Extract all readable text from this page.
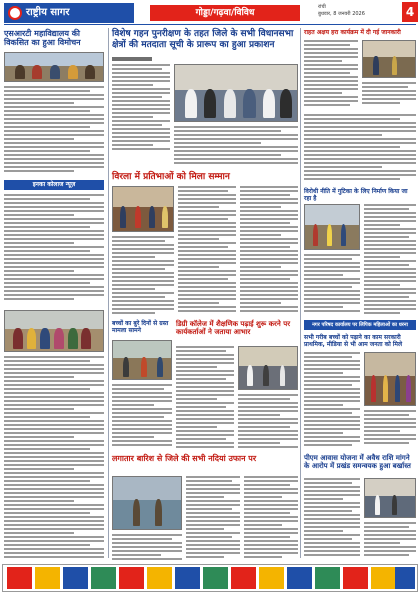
राष्ट्रीय सागर	गोड्डा/गढ़वा/विविध
रांची
बुधवार, 8 जनवरी 2026	4
एसआरटी महाविद्यालय की विकसित का हुआ विमोचन
इनका कोलाज न्यूज़
विशेष गहन पुनरीक्षण के तहत जिले के सभी विधानसभा क्षेत्रों की मतदाता सूची के प्रारूप का हुआ प्रकाशन
विरला में प्रतिभाओं को मिला सम्मान
बच्चों का बुरे दिनों से ग्रस्त मामला सामने
डिग्री कॉलेज में शैक्षणिक पढ़ाई शुरू करने पर कार्यकर्ताओं ने जताया आभार
लगातार बारिश से जिले की सभी नदियां उफान पर
राहत अक्षय हरा कार्यक्रम में दी गई जानकारी
विरोधी नीति में गुटिका के लिए निर्माण किया जा रहा है
नगर परिषद कार्यालय पर लिपिक महिलाओं का धरना
सभी गरीब बच्चों को पढ़ाने का काम सरकारी प्राथमिक, मीडिया से भी आम जनता को मिले
पीएम आवास योजना में अवैध राशि मांगने के आरोप में प्रखंड समन्वयक हुआ बर्खास्त
